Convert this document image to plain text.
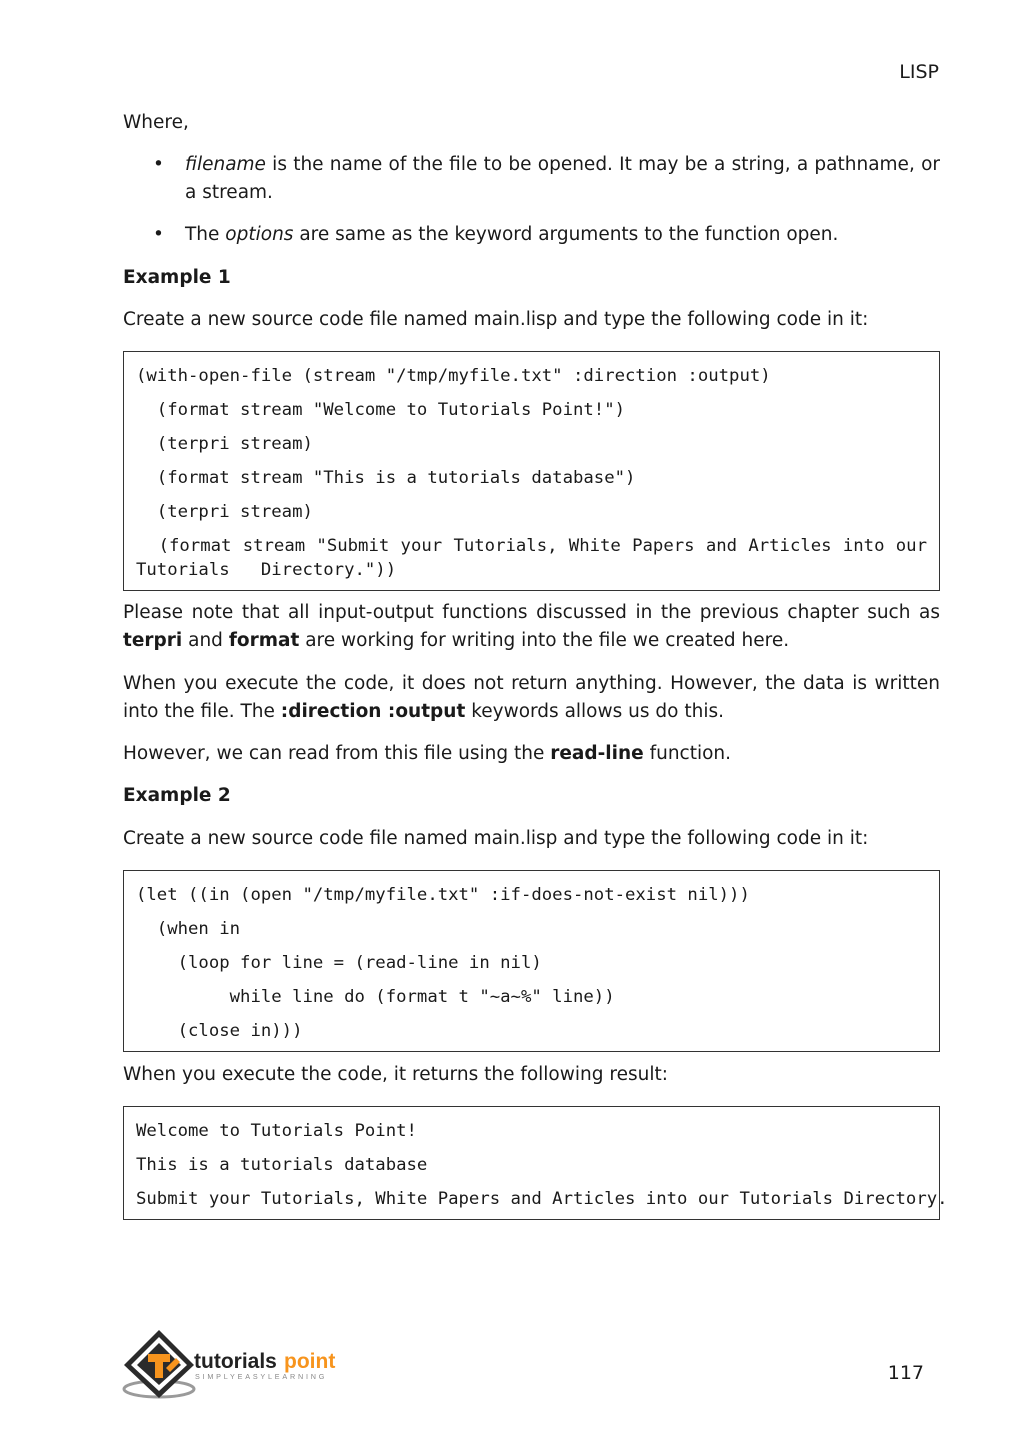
LISP

Where,

• filename is the name of the file to be opened. It may be a string, a pathname, or a stream.
• The options are same as the keyword arguments to the function open.

Example 1

Create a new source code file named main.lisp and type the following code in it:

(with-open-file (stream "/tmp/myfile.txt" :direction :output)
(format stream "Welcome to Tutorials Point!")
(terpri stream)
(format stream "This is a tutorials database")
(terpri stream)
(format stream "Submit your Tutorials, White Papers and Articles into our Tutorials   Directory."))

Please note that all input-output functions discussed in the previous chapter such as terpri and format are working for writing into the file we created here.

When you execute the code, it does not return anything. However, the data is written into the file. The :direction :output keywords allows us do this.

However, we can read from this file using the read-line function.

Example 2

Create a new source code file named main.lisp and type the following code in it:

(let ((in (open "/tmp/myfile.txt" :if-does-not-exist nil)))
(when in
(loop for line = (read-line in nil)
while line do (format t "~a~%" line))
(close in)))

When you execute the code, it returns the following result:

Welcome to Tutorials Point!
This is a tutorials database
Submit your Tutorials, White Papers and Articles into our Tutorials Directory.
tutorials point
SIMPLYEASYLEARNING	117
